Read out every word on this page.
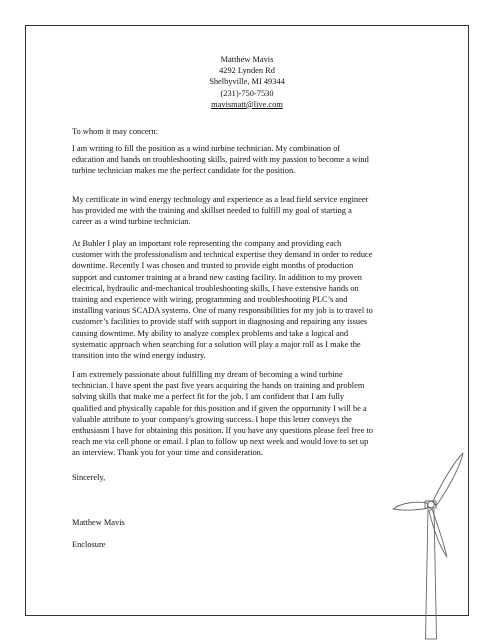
Matthew Mavis
4292 Lynden Rd
Shelbyville, MI 49344
(231)-750-7530
mavismatt@live.com
To whom it may concern:
I am writing to fill the position as a wind turbine technician. My combination of
education and hands on troubleshooting skills, paired with my passion to become a wind
turbine technician makes me the perfect candidate for the position.
My certificate in wind energy technology and experience as a lead field service engineer
has provided me with the training and skillset needed to fulfill my goal of starting a
career as a wind turbine technician.
At Buhler I play an important role representing the company and providing each
customer with the professionalism and technical expertise they demand in order to reduce
downtime. Recently I was chosen and trusted to provide eight months of production
support and customer training at a brand new casting facility. In addition to my proven
electrical, hydraulic and-mechanical troubleshooting skills, I have extensive hands on
training and experience with wiring, programming and troubleshooting PLC’s and
installing various SCADA systems. One of many responsibilities for my job is to travel to
customer’s facilities to provide staff with support in diagnosing and repairing any issues
causing downtime. My ability to analyze complex problems and take a logical and
systematic approach when searching for a solution will play a major roll as I make the
transition into the wind energy industry.
I am extremely passionate about fulfilling my dream of becoming a wind turbine
technician. I have spent the past five years acquiring the hands on training and problem
solving skills that make me a perfect fit for the job. I am confident that I am fully
qualified and physically capable for this position and if given the opportunity I will be a
valuable attribute to your company's growing success. I hope this letter conveys the
enthusiasm I have for obtaining this position. If you have any questions please feel free to
reach me via cell phone or email. I plan to follow up next week and would love to set up
an interview. Thank you for your time and consideration.
Sincerely,
Matthew Mavis
Enclosure
